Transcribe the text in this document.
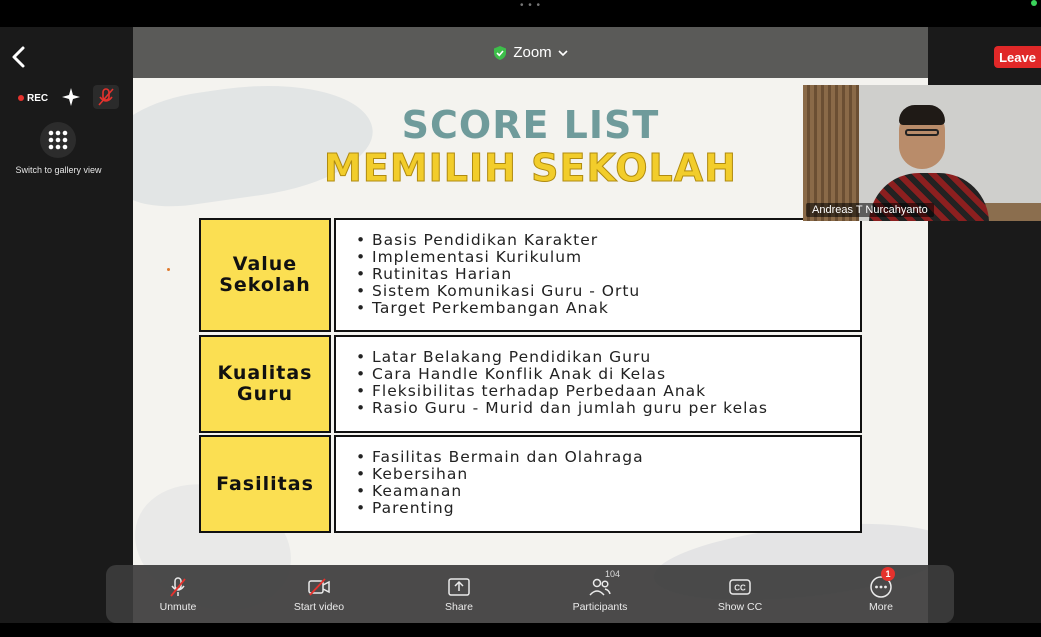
• • •
REC
Switch to gallery view
Zoom
SCORE LIST
MEMILIH SEKOLAH
Value Sekolah
• Basis Pendidikan Karakter
• Implementasi Kurikulum
• Rutinitas Harian
• Sistem Komunikasi Guru - Ortu
• Target Perkembangan Anak
Kualitas Guru
• Latar Belakang Pendidikan Guru
• Cara Handle Konflik Anak di Kelas
• Fleksibilitas terhadap Perbedaan Anak
• Rasio Guru - Murid dan jumlah guru per kelas
Fasilitas
• Fasilitas Bermain dan Olahraga
• Kebersihan
• Keamanan
• Parenting
Andreas T Nurcahyanto
Leave
Unmute	Start video	Share
104
Participants
CC
Show CC
1
More
